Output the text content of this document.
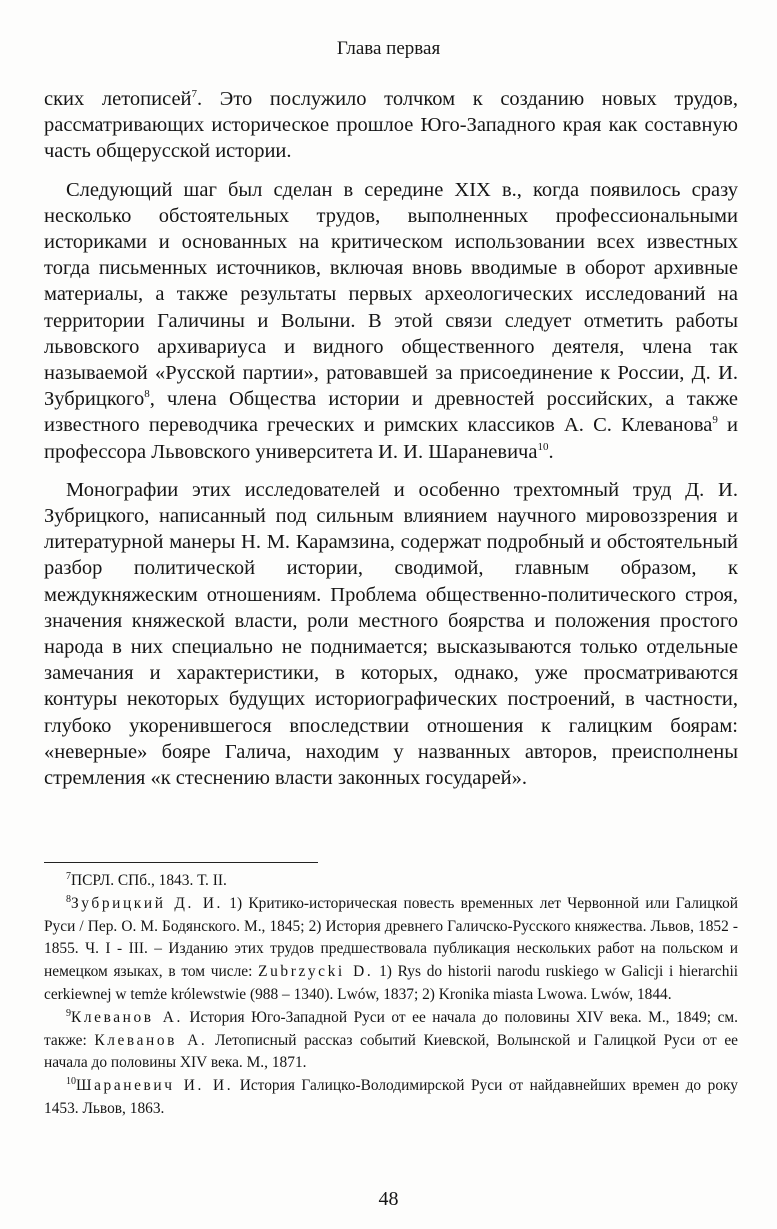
Глава первая

ских летописей$^7$. Это послужило толчком к созданию новых трудов, рассматривающих историческое прошлое Юго-Западного края как составную часть общерусской истории.

Следующий шаг был сделан в середине XIX в., когда появилось сразу несколько обстоятельных трудов, выполненных профессиональными историками и основанных на критическом использовании всех известных тогда письменных источников, включая вновь вводимые в оборот архивные материалы, а также результаты первых археологических исследований на территории Галичины и Волыни. В этой связи следует отметить работы львовского архивариуса и видного общественного деятеля, члена так называемой «Русской партии», ратовавшей за присоединение к России, Д. И. Зубрицкого$^8$, члена Общества истории и древностей российских, а также известного переводчика греческих и римских классиков А. С. Клеванова$^9$ и профессора Львовского университета И. И. Шараневича$^{10}$.

Монографии этих исследователей и особенно трехтомный труд Д. И. Зубрицкого, написанный под сильным влиянием научного мировоззрения и литературной манеры Н. М. Карамзина, содержат подробный и обстоятельный разбор политической истории, сводимой, главным образом, к междукняжеским отношениям. Проблема общественно-политического строя, значения княжеской власти, роли местного боярства и положения простого народа в них специально не поднимается; высказываются только отдельные замечания и характеристики, в которых, однако, уже просматриваются контуры некоторых будущих историографических построений, в частности, глубоко укоренившегося впоследствии отношения к галицким боярам: «неверные» бояре Галича, находим у названных авторов, преисполнены стремления «к стеснению власти законных государей».

$^7$ПСРЛ. СПб., 1843. Т. II.

$^8$Зубрицкий Д. И. 1) Критико-историческая повесть временных лет Червонной или Галицкой Руси / Пер. О. М. Бодянского. М., 1845; 2) История древнего Галичско-Русского княжества. Львов, 1852 - 1855. Ч. I - III. – Изданию этих трудов предшествовала публикация нескольких работ на польском и немецком языках, в том числе: Zubrzycki D. 1) Rys do historii narodu ruskiego w Galicji i hierarchii cerkiewnej w temże królewstwie (988 – 1340). Lwów, 1837; 2) Kronika miasta Lwowa. Lwów, 1844.

$^9$Клеванов А. История Юго-Западной Руси от ее начала до половины XIV века. М., 1849; см. также: Клеванов А. Летописный рассказ событий Киевской, Волынской и Галицкой Руси от ее начала до половины XIV века. М., 1871.

$^{10}$Шараневич И. И. История Галицко-Володимирской Руси от найдавнейших времен до року 1453. Львов, 1863.

48
